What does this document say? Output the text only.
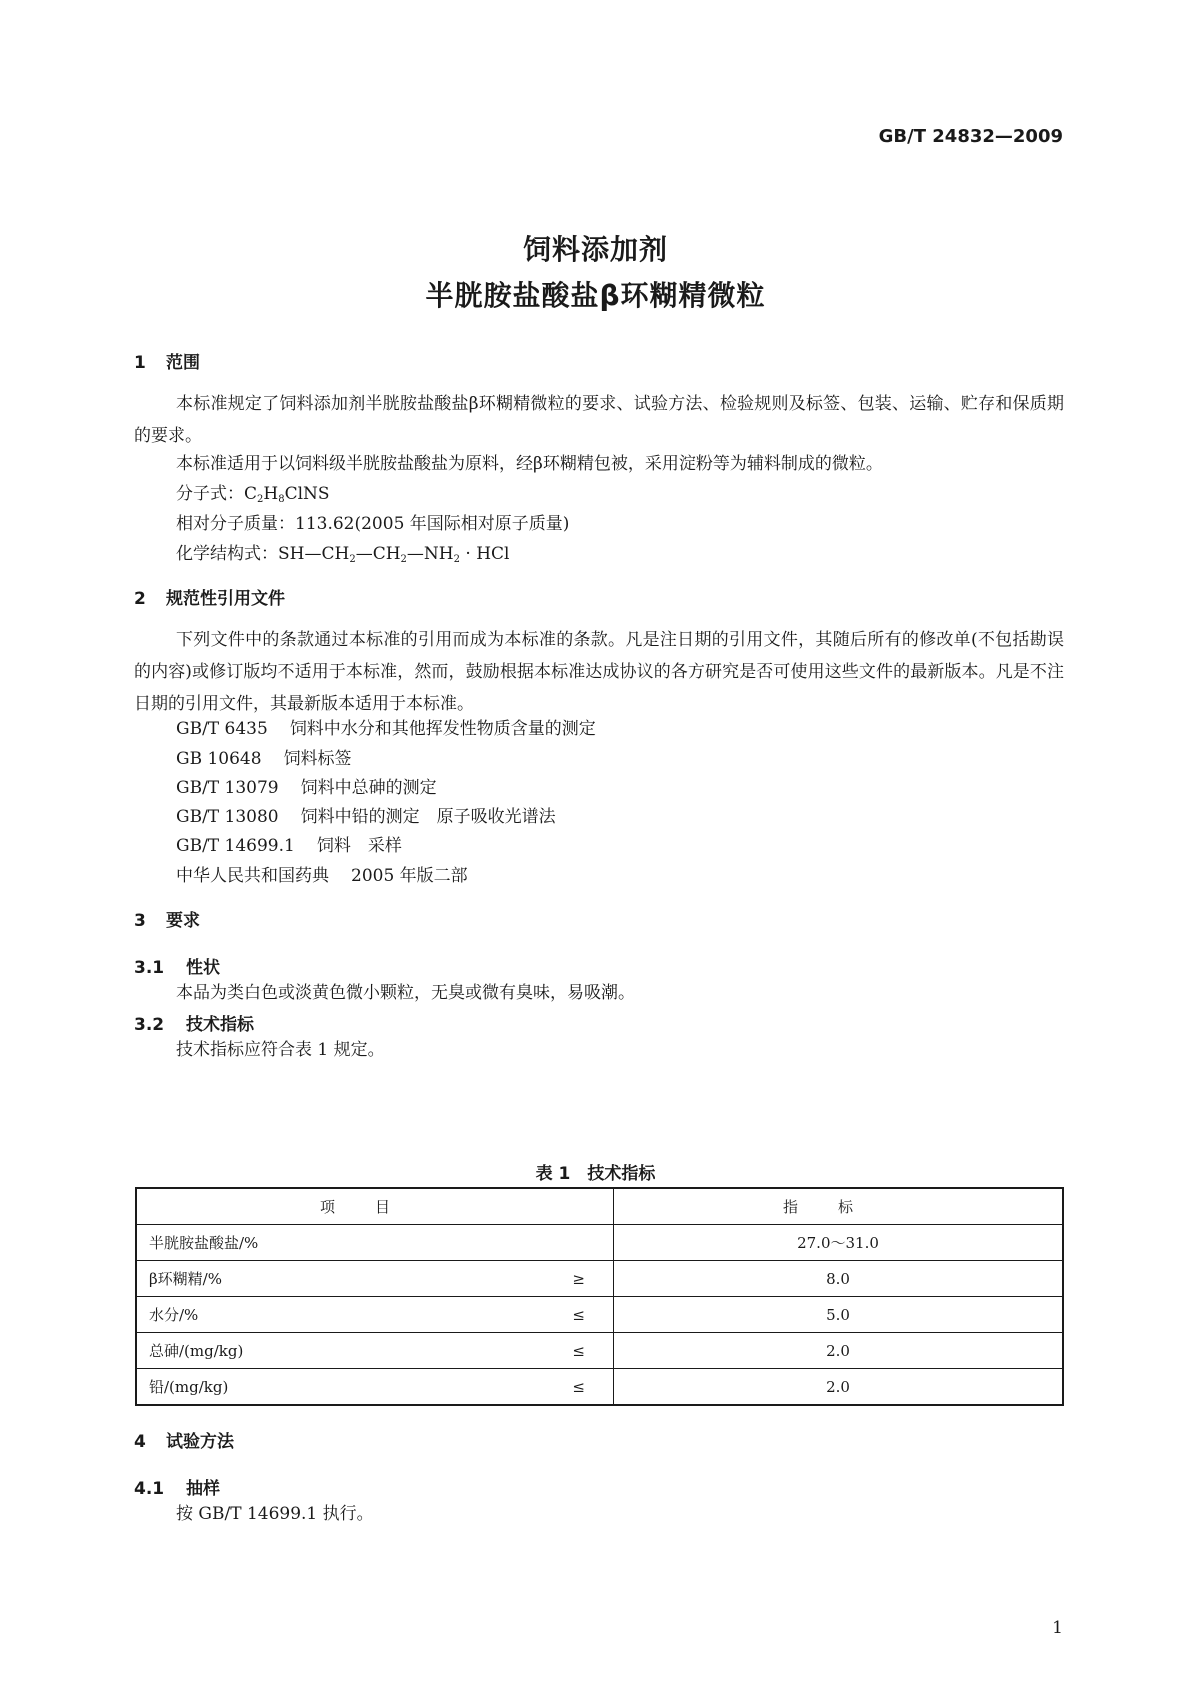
GB/T 24832—2009
饲料添加剂
半胱胺盐酸盐β环糊精微粒
1 范围
本标准规定了饲料添加剂半胱胺盐酸盐β环糊精微粒的要求、试验方法、检验规则及标签、包装、运输、贮存和保质期的要求。
本标准适用于以饲料级半胱胺盐酸盐为原料，经β环糊精包被，采用淀粉等为辅料制成的微粒。
分子式：$C_2H_8ClNS$
相对分子质量：113.62(2005 年国际相对原子质量)
化学结构式：$SH—CH_2—CH_2—NH_2$ · HCl
2 规范性引用文件
下列文件中的条款通过本标准的引用而成为本标准的条款。凡是注日期的引用文件，其随后所有的修改单(不包括勘误的内容)或修订版均不适用于本标准，然而，鼓励根据本标准达成协议的各方研究是否可使用这些文件的最新版本。凡是不注日期的引用文件，其最新版本适用于本标准。
GB/T 6435 饲料中水分和其他挥发性物质含量的测定
GB 10648 饲料标签
GB/T 13079 饲料中总砷的测定
GB/T 13080 饲料中铅的测定　原子吸收光谱法
GB/T 14699.1 饲料　采样
中华人民共和国药典 2005 年版二部
3 要求
3.1 性状
本品为类白色或淡黄色微小颗粒，无臭或微有臭味，易吸潮。
3.2 技术指标
技术指标应符合表 1 规定。
表 1　技术指标
项目	指标

半胱胺盐酸盐/%	27.0～31.0

β环糊精/% ≥	8.0

水分/% ≤	5.0

总砷/(mg/kg) ≤	2.0

铅/(mg/kg) ≤	2.0
4 试验方法
4.1 抽样
按 GB/T 14699.1 执行。
1
